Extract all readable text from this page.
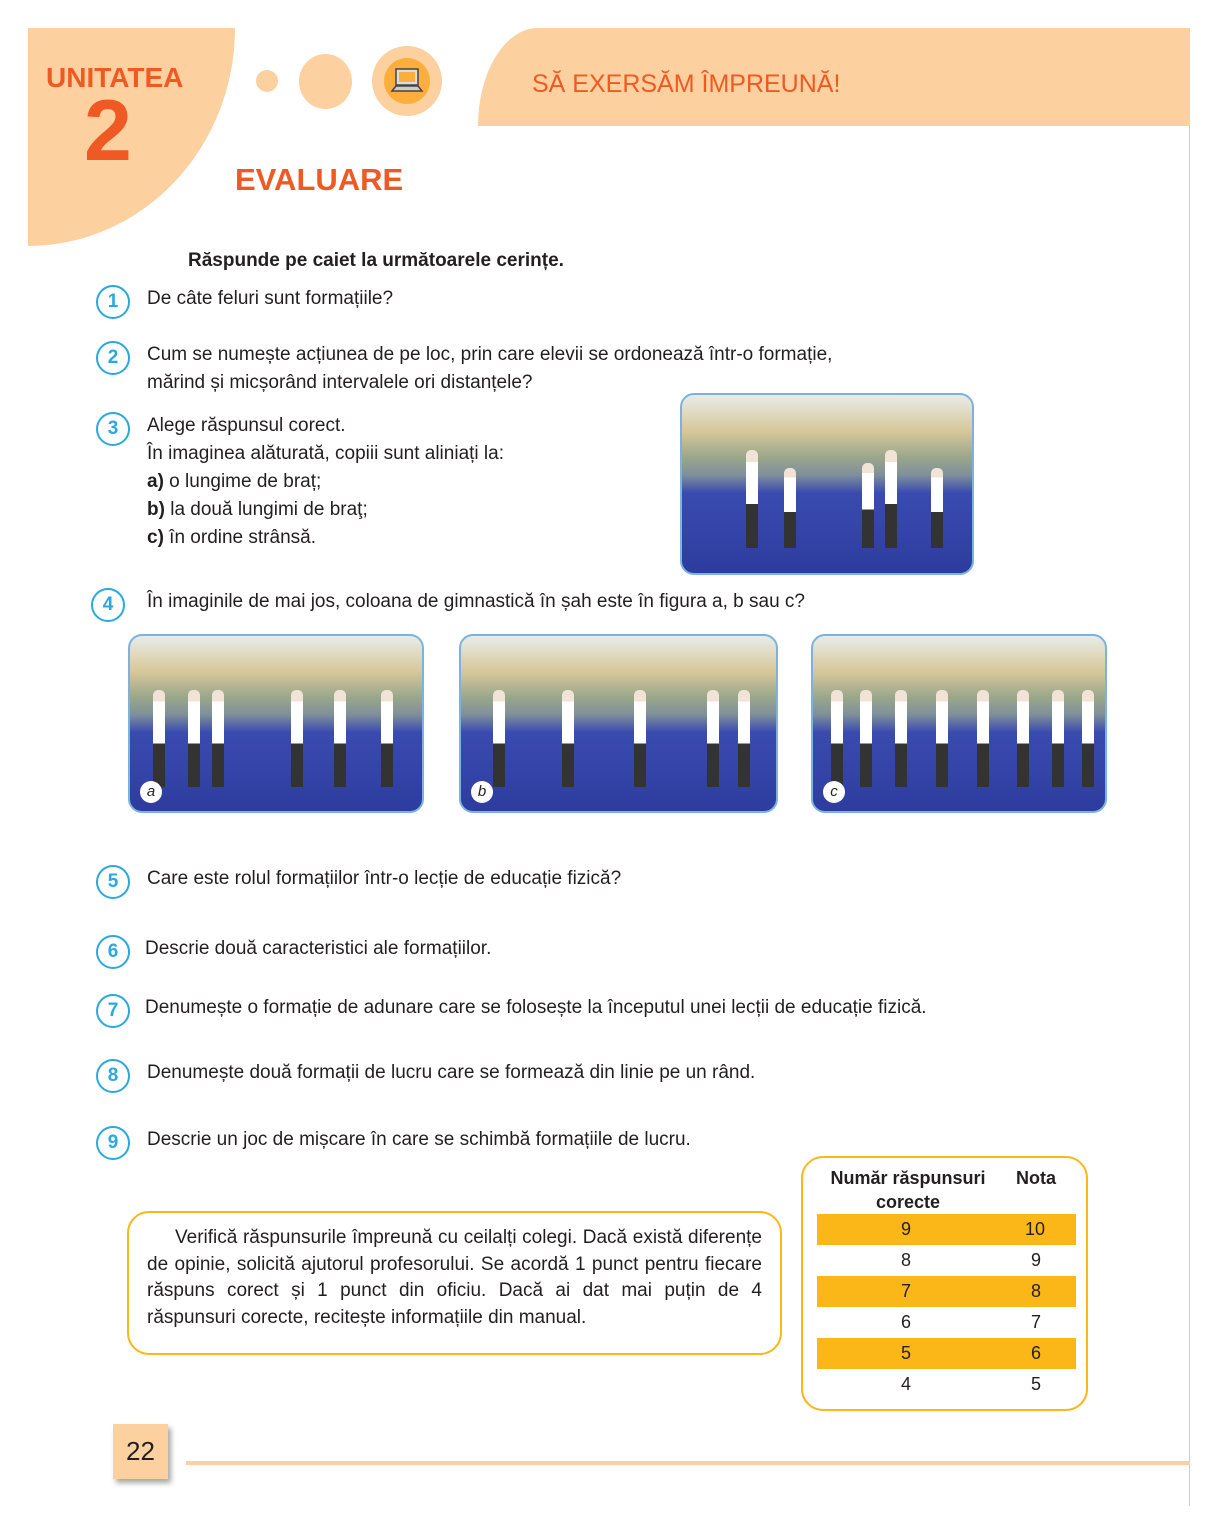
UNITATEA
2	SĂ EXERSĂM ÎMPREUNĂ!
EVALUARE
Răspunde pe caiet la următoarele cerințe.
1	De câte feluri sunt formațiile?
2	Cum se numește acțiunea de pe loc, prin care elevii se ordonează într-o formație,
mărind și micșorând intervalele ori distanțele?
3	Alege răspunsul corect.
În imaginea alăturată, copiii sunt aliniați la:
a) o lungime de braț;
b) la două lungimi de braţ;
c) în ordine strânsă.
4	În imaginile de mai jos, coloana de gimnastică în șah este în figura a, b sau c?
a	b	c
5	Care este rolul formațiilor într-o lecție de educație fizică?
6	Descrie două caracteristici ale formațiilor.
7	Denumește o formație de adunare care se folosește la începutul unei lecții de educație fizică.
8	Denumește două formații de lucru care se formează din linie pe un rând.
9	Descrie un joc de mișcare în care se schimbă formațiile de lucru.
Verifică răspunsurile împreună cu ceilalți colegi. Dacă există diferențe de opinie, solicită ajutorul profesorului. Se acordă 1 punct pentru fiecare răspuns corect și 1 punct din oficiu. Dacă ai dat mai puțin de 4 răspunsuri corecte, recitește informațiile din manual.
Număr răspunsuri corecte
Nota
9	10
8	9
7	8
6	7
5	6
4	5
22
